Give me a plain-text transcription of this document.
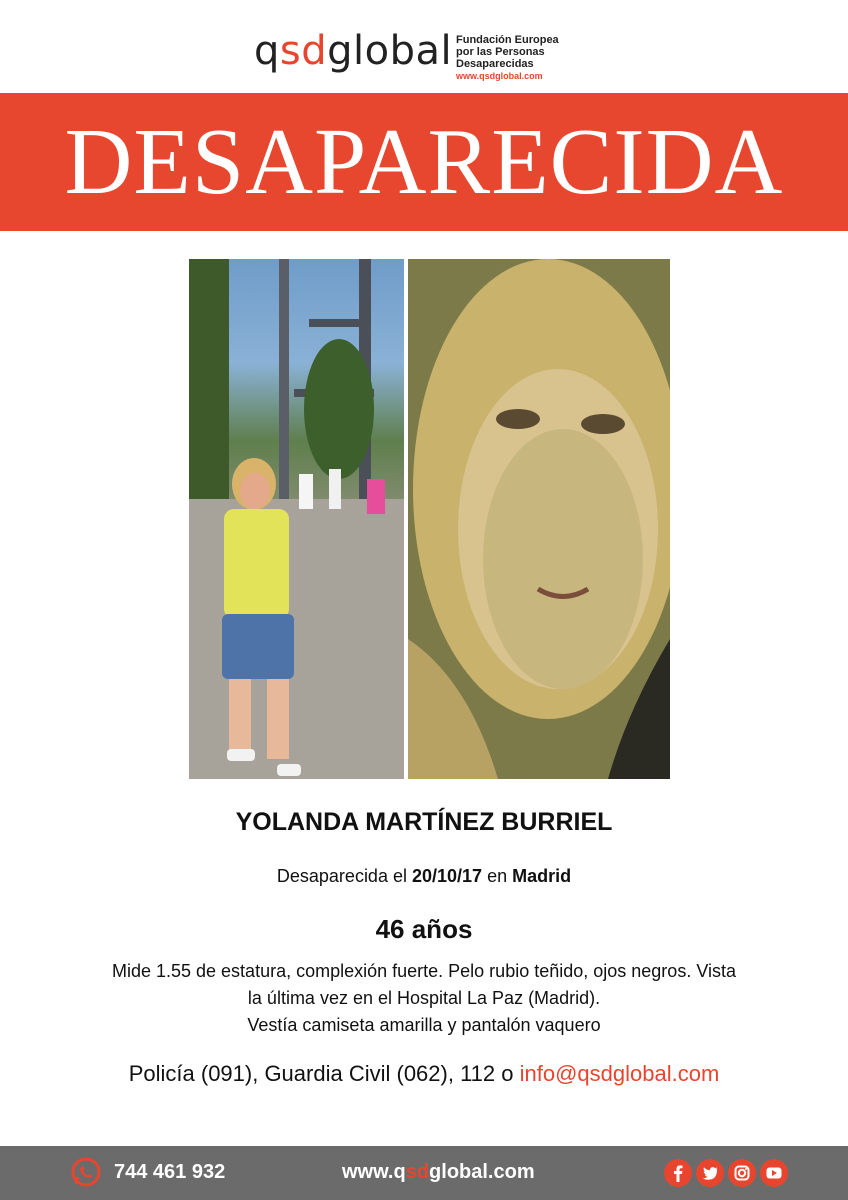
qsdglobal Fundación Europea
por las Personas Desaparecidas
www.qsdglobal.com
DESAPARECIDA
YOLANDA MARTÍNEZ BURRIEL
Desaparecida el 20/10/17 en Madrid
46 años
Mide 1.55 de estatura, complexión fuerte. Pelo rubio teñido, ojos negros. Vista
la última vez en el Hospital La Paz (Madrid).
Vestía camiseta amarilla y pantalón vaquero
Policía (091), Guardia Civil (062), 112 o info@qsdglobal.com
744 461 932	www.qsdglobal.com
